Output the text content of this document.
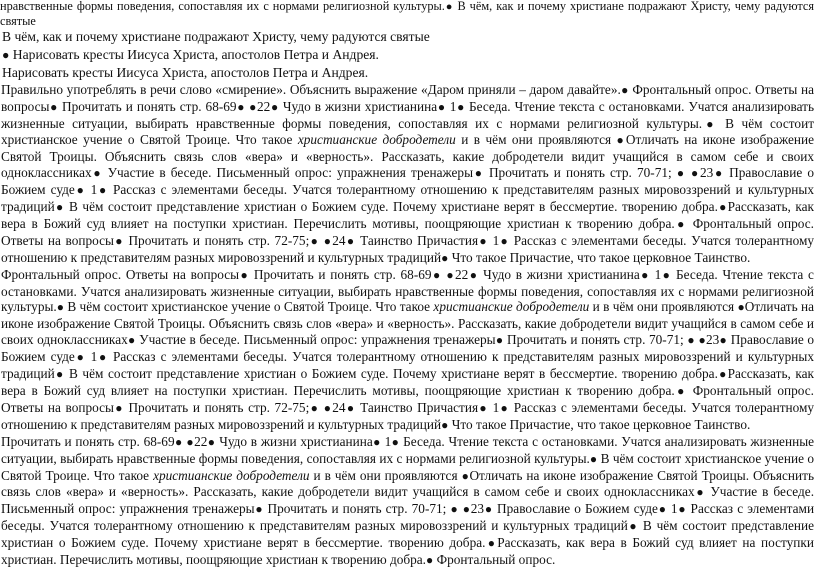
нравственные формы поведения, сопоставляя их с нормами религиозной культуры.● В чём, как и почему христиане подражают Христу, чему радуются святые
В чём, как и почему христиане подражают Христу, чему радуются святые
● Нарисовать кресты Иисуса Христа, апостолов Петра и Андрея.
Нарисовать кресты Иисуса Христа, апостолов Петра и Андрея.
Правильно употреблять в речи слово «смирение». Объяснить выражение «Даром приняли – даром давайте».● Фронтальный опрос. Ответы на вопросы● Прочитать и понять стр. 68-69● ●22● Чудо в жизни христианина● 1● Беседа. Чтение текста с остановками. Учатся анализировать жизненные ситуации, выбирать нравственные формы поведения, сопоставляя их с нормами религиозной культуры.● В чём состоит христианское учение о Святой Троице. Что такое христианские добродетели и в чём они проявляются ●Отличать на иконе изображение Святой Троицы. Объяснить связь слов «вера» и «верность». Рассказать, какие добродетели видит учащийся в самом себе и своих одноклассниках● Участие в беседе. Письменный опрос: упражнения тренажеры● Прочитать и понять стр. 70-71; ● ●23● Православие о Божием суде● 1● Рассказ с элементами беседы. Учатся толерантному отношению к представителям разных мировоззрений и культурных традиций● В чём состоит представление христиан о Божием суде. Почему христиане верят в бессмертие. творению добра.●Рассказать, как вера в Божий суд влияет на поступки христиан. Перечислить мотивы, поощряющие христиан к творению добра.● Фронтальный опрос. Ответы на вопросы● Прочитать и понять стр. 72-75;● ●24● Таинство Причастия● 1● Рассказ с элементами беседы. Учатся толерантному отношению к представителям разных мировоззрений и культурных традиций● Что такое Причастие, что такое церковное Таинство.
Фронтальный опрос. Ответы на вопросы● Прочитать и понять стр. 68-69● ●22● Чудо в жизни христианина● 1● Беседа. Чтение текста с остановками. Учатся анализировать жизненные ситуации, выбирать нравственные формы поведения, сопоставляя их с нормами религиозной культуры.● В чём состоит христианское учение о Святой Троице. Что такое христианские добродетели и в чём они проявляются ●Отличать на иконе изображение Святой Троицы. Объяснить связь слов «вера» и «верность». Рассказать, какие добродетели видит учащийся в самом себе и своих одноклассниках● Участие в беседе. Письменный опрос: упражнения тренажеры● Прочитать и понять стр. 70-71; ● ●23● Православие о Божием суде● 1● Рассказ с элементами беседы. Учатся толерантному отношению к представителям разных мировоззрений и культурных традиций● В чём состоит представление христиан о Божием суде. Почему христиане верят в бессмертие. творению добра.●Рассказать, как вера в Божий суд влияет на поступки христиан. Перечислить мотивы, поощряющие христиан к творению добра.● Фронтальный опрос. Ответы на вопросы● Прочитать и понять стр. 72-75;● ●24● Таинство Причастия● 1● Рассказ с элементами беседы. Учатся толерантному отношению к представителям разных мировоззрений и культурных традиций● Что такое Причастие, что такое церковное Таинство.
Прочитать и понять стр. 68-69● ●22● Чудо в жизни христианина● 1● Беседа. Чтение текста с остановками. Учатся анализировать жизненные ситуации, выбирать нравственные формы поведения, сопоставляя их с нормами религиозной культуры.● В чём состоит христианское учение о Святой Троице. Что такое христианские добродетели и в чём они проявляются ●Отличать на иконе изображение Святой Троицы. Объяснить связь слов «вера» и «верность». Рассказать, какие добродетели видит учащийся в самом себе и своих одноклассниках● Участие в беседе. Письменный опрос: упражнения тренажеры● Прочитать и понять стр. 70-71; ● ●23● Православие о Божием суде● 1● Рассказ с элементами беседы. Учатся толерантному отношению к представителям разных мировоззрений и культурных традиций● В чём состоит представление христиан о Божием суде. Почему христиане верят в бессмертие. творению добра.●Рассказать, как вера в Божий суд влияет на поступки христиан. Перечислить мотивы, поощряющие христиан к творению добра.● Фронтальный опрос.
